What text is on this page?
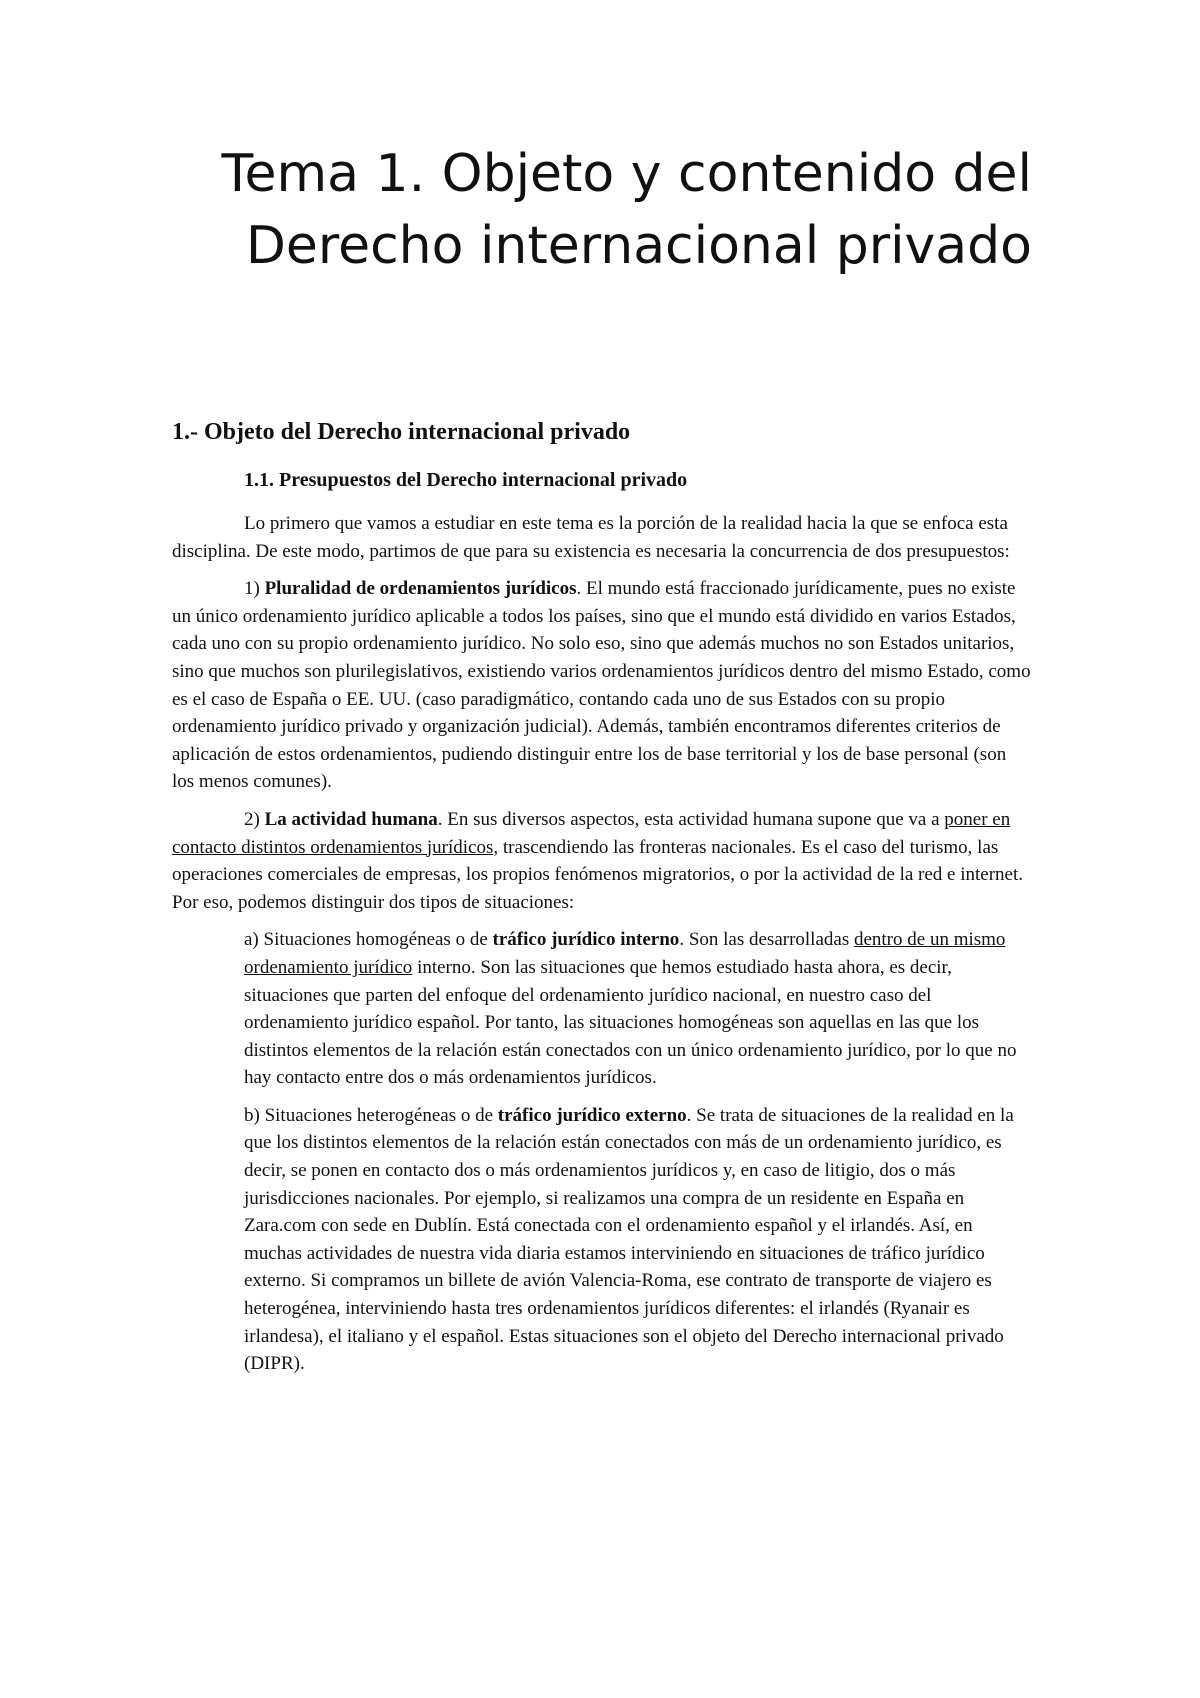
Tema 1. Objeto y contenido del Derecho internacional privado
1.- Objeto del Derecho internacional privado
1.1. Presupuestos del Derecho internacional privado

Lo primero que vamos a estudiar en este tema es la porción de la realidad hacia la que se enfoca esta disciplina. De este modo, partimos de que para su existencia es necesaria la concurrencia de dos presupuestos:

1) Pluralidad de ordenamientos jurídicos. El mundo está fraccionado jurídicamente, pues no existe un único ordenamiento jurídico aplicable a todos los países, sino que el mundo está dividido en varios Estados, cada uno con su propio ordenamiento jurídico. No solo eso, sino que además muchos no son Estados unitarios, sino que muchos son plurilegislativos, existiendo varios ordenamientos jurídicos dentro del mismo Estado, como es el caso de España o EE. UU. (caso paradigmático, contando cada uno de sus Estados con su propio ordenamiento jurídico privado y organización judicial). Además, también encontramos diferentes criterios de aplicación de estos ordenamientos, pudiendo distinguir entre los de base territorial y los de base personal (son los menos comunes).

2) La actividad humana. En sus diversos aspectos, esta actividad humana supone que va a poner en contacto distintos ordenamientos jurídicos, trascendiendo las fronteras nacionales. Es el caso del turismo, las operaciones comerciales de empresas, los propios fenómenos migratorios, o por la actividad de la red e internet. Por eso, podemos distinguir dos tipos de situaciones:

a) Situaciones homogéneas o de tráfico jurídico interno. Son las desarrolladas dentro de un mismo ordenamiento jurídico interno. Son las situaciones que hemos estudiado hasta ahora, es decir, situaciones que parten del enfoque del ordenamiento jurídico nacional, en nuestro caso del ordenamiento jurídico español. Por tanto, las situaciones homogéneas son aquellas en las que los distintos elementos de la relación están conectados con un único ordenamiento jurídico, por lo que no hay contacto entre dos o más ordenamientos jurídicos.

b) Situaciones heterogéneas o de tráfico jurídico externo. Se trata de situaciones de la realidad en la que los distintos elementos de la relación están conectados con más de un ordenamiento jurídico, es decir, se ponen en contacto dos o más ordenamientos jurídicos y, en caso de litigio, dos o más jurisdicciones nacionales. Por ejemplo, si realizamos una compra de un residente en España en Zara.com con sede en Dublín. Está conectada con el ordenamiento español y el irlandés. Así, en muchas actividades de nuestra vida diaria estamos interviniendo en situaciones de tráfico jurídico externo. Si compramos un billete de avión Valencia-Roma, ese contrato de transporte de viajero es heterogénea, interviniendo hasta tres ordenamientos jurídicos diferentes: el irlandés (Ryanair es irlandesa), el italiano y el español. Estas situaciones son el objeto del Derecho internacional privado (DIPR).
